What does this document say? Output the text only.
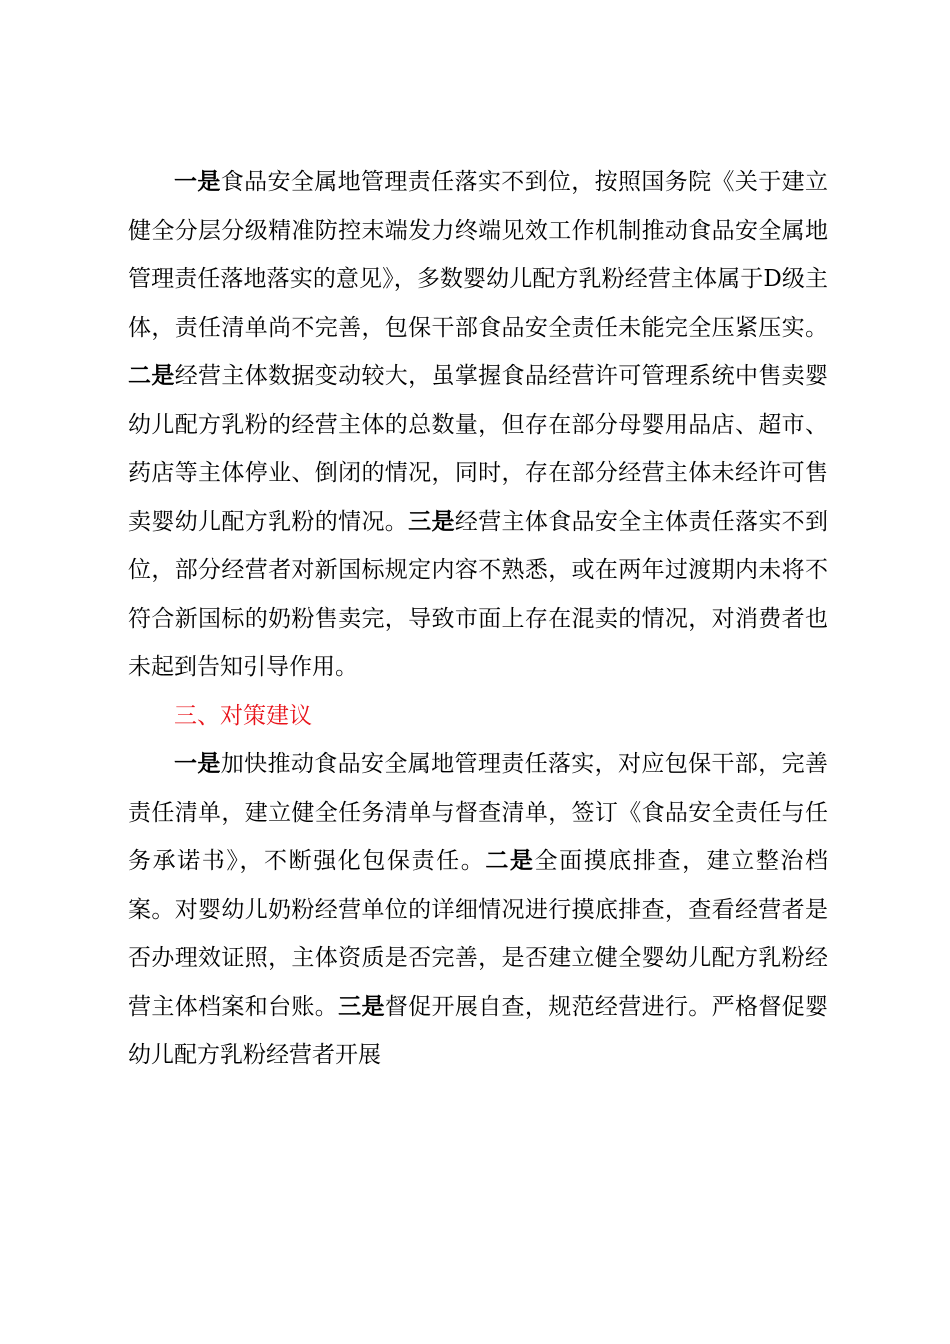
一是食品安全属地管理责任落实不到位，按照国务院《关于建立健全分层分级精准防控末端发力终端见效工作机制推动食品安全属地管理责任落地落实的意见》，多数婴幼儿配方乳粉经营主体属于D级主体，责任清单尚不完善，包保干部食品安全责任未能完全压紧压实。二是经营主体数据变动较大，虽掌握食品经营许可管理系统中售卖婴幼儿配方乳粉的经营主体的总数量，但存在部分母婴用品店、超市、药店等主体停业、倒闭的情况，同时，存在部分经营主体未经许可售卖婴幼儿配方乳粉的情况。三是经营主体食品安全主体责任落实不到位，部分经营者对新国标规定内容不熟悉，或在两年过渡期内未将不符合新国标的奶粉售卖完，导致市面上存在混卖的情况，对消费者也未起到告知引导作用。

三、对策建议

一是加快推动食品安全属地管理责任落实，对应包保干部，完善责任清单，建立健全任务清单与督查清单，签订《食品安全责任与任务承诺书》，不断强化包保责任。二是全面摸底排查，建立整治档案。对婴幼儿奶粉经营单位的详细情况进行摸底排查，查看经营者是否办理效证照，主体资质是否完善，是否建立健全婴幼儿配方乳粉经营主体档案和台账。三是督促开展自查，规范经营进行。严格督促婴幼儿配方乳粉经营者开展
